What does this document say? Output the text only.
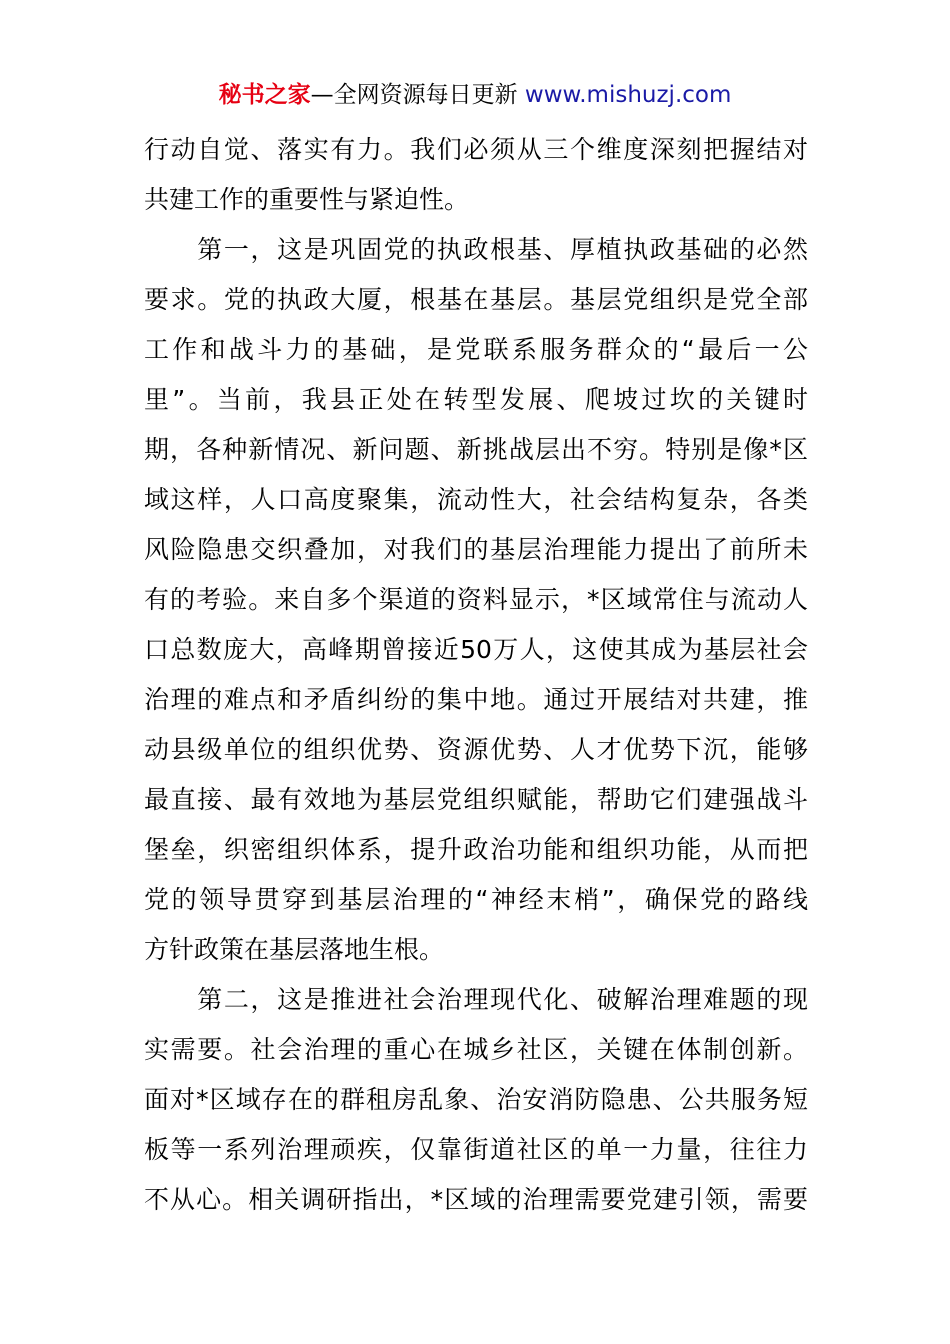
秘书之家—全网资源每日更新 www.mishuzj.com
行动自觉、落实有力。我们必须从三个维度深刻把握结对
共建工作的重要性与紧迫性。
　　第一，这是巩固党的执政根基、厚植执政基础的必然
要求。党的执政大厦，根基在基层。基层党组织是党全部
工作和战斗力的基础，是党联系服务群众的“最后一公
里”。当前，我县正处在转型发展、爬坡过坎的关键时
期，各种新情况、新问题、新挑战层出不穷。特别是像*区
域这样，人口高度聚集，流动性大，社会结构复杂，各类
风险隐患交织叠加，对我们的基层治理能力提出了前所未
有的考验。来自多个渠道的资料显示，*区域常住与流动人
口总数庞大，高峰期曾接近50万人，这使其成为基层社会
治理的难点和矛盾纠纷的集中地。通过开展结对共建，推
动县级单位的组织优势、资源优势、人才优势下沉，能够
最直接、最有效地为基层党组织赋能，帮助它们建强战斗
堡垒，织密组织体系，提升政治功能和组织功能，从而把
党的领导贯穿到基层治理的“神经末梢”，确保党的路线
方针政策在基层落地生根。
　　第二，这是推进社会治理现代化、破解治理难题的现
实需要。社会治理的重心在城乡社区，关键在体制创新。
面对*区域存在的群租房乱象、治安消防隐患、公共服务短
板等一系列治理顽疾，仅靠街道社区的单一力量，往往力
不从心。相关调研指出，*区域的治理需要党建引领，需要
